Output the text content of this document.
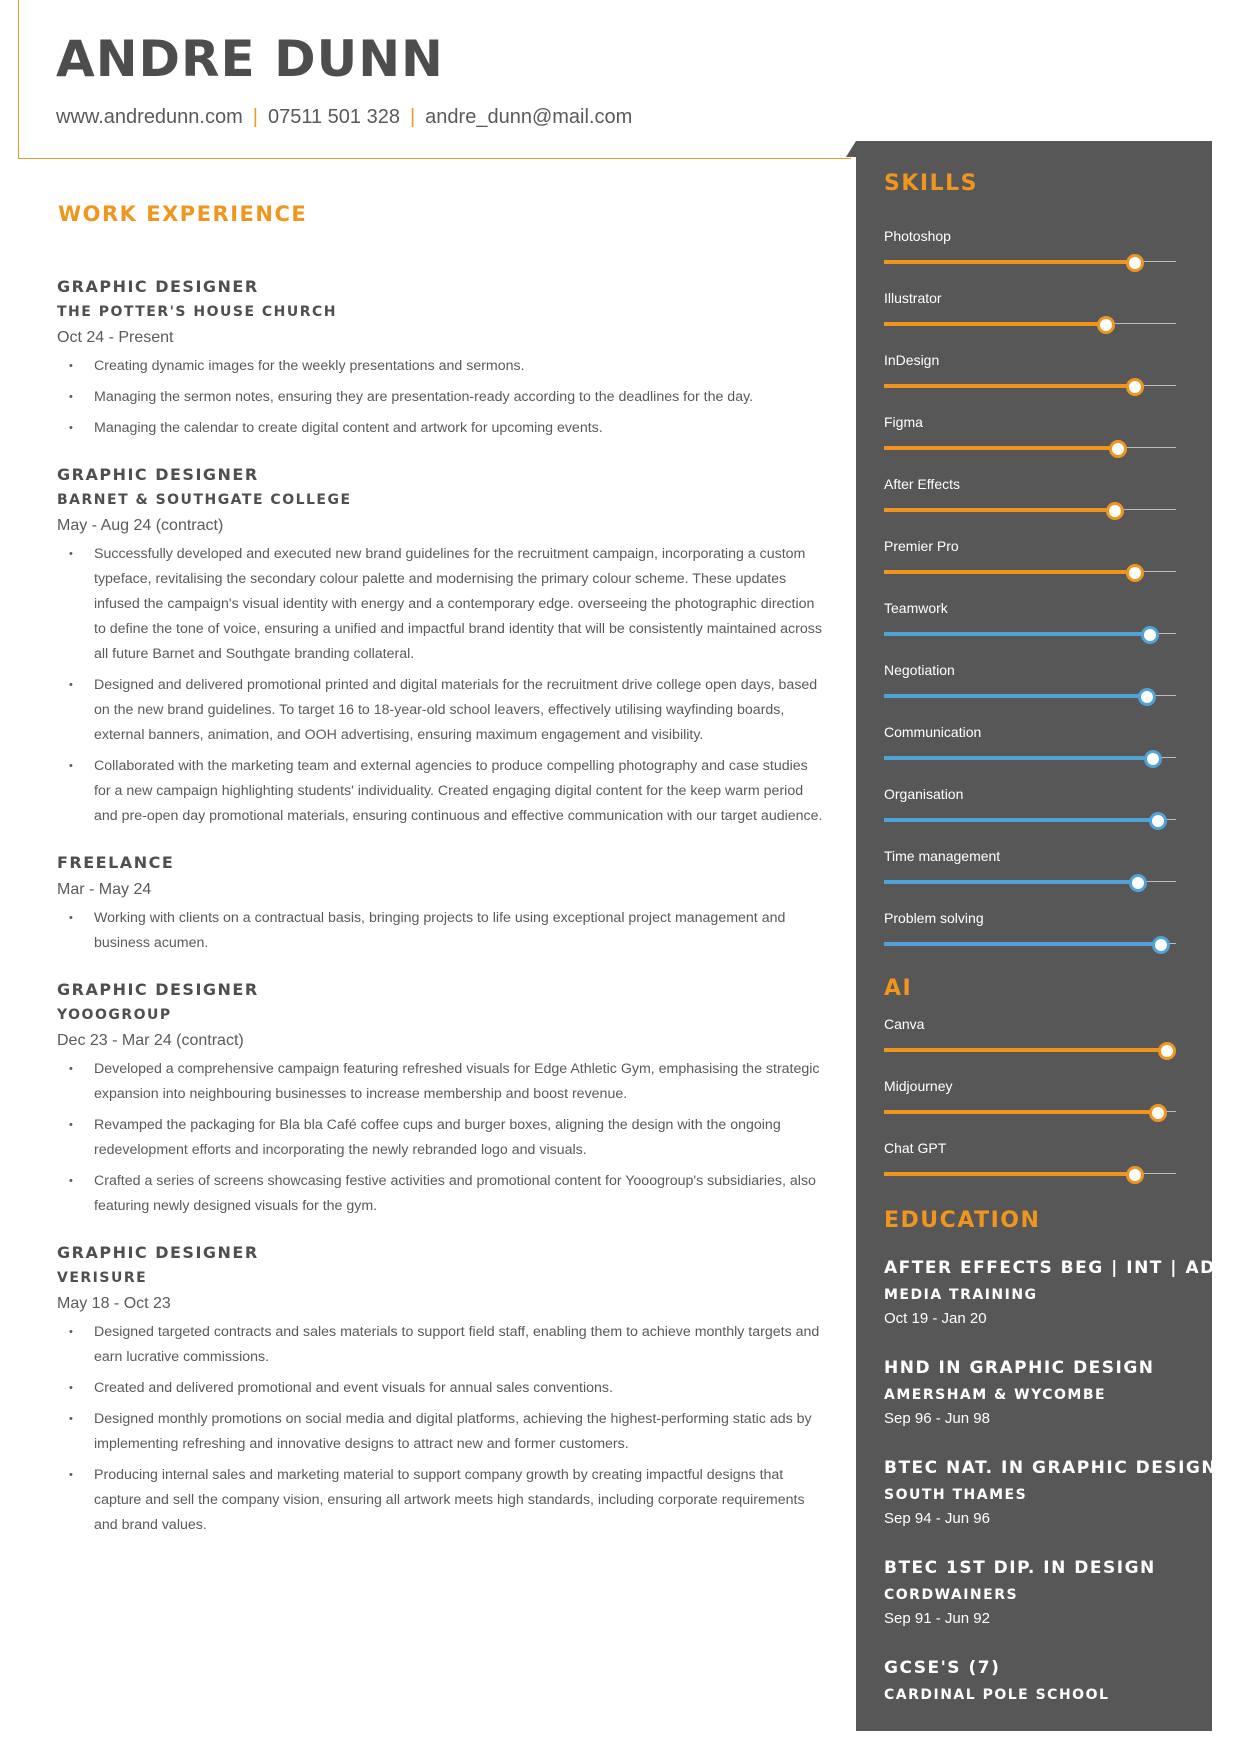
ANDRE DUNN
www.andredunn.com | 07511 501 328 | andre_dunn@mail.com
WORK EXPERIENCE
GRAPHIC DESIGNER
THE POTTER'S HOUSE CHURCH
Oct 24 - Present
• Creating dynamic images for the weekly presentations and sermons.
• Managing the sermon notes, ensuring they are presentation-ready according to the deadlines for the day.
• Managing the calendar to create digital content and artwork for upcoming events.
GRAPHIC DESIGNER
BARNET & SOUTHGATE COLLEGE
May - Aug 24 (contract)
• Successfully developed and executed new brand guidelines for the recruitment campaign, incorporating a custom typeface, revitalising the secondary colour palette and modernising the primary colour scheme. These updates infused the campaign's visual identity with energy and a contemporary edge. overseeing the photographic direction to define the tone of voice, ensuring a unified and impactful brand identity that will be consistently maintained across all future Barnet and Southgate branding collateral.
• Designed and delivered promotional printed and digital materials for the recruitment drive college open days, based on the new brand guidelines. To target 16 to 18-year-old school leavers, effectively utilising wayfinding boards, external banners, animation, and OOH advertising, ensuring maximum engagement and visibility.
• Collaborated with the marketing team and external agencies to produce compelling photography and case studies for a new campaign highlighting students' individuality. Created engaging digital content for the keep warm period and pre-open day promotional materials, ensuring continuous and effective communication with our target audience.
FREELANCE
Mar - May 24
• Working with clients on a contractual basis, bringing projects to life using exceptional project management and business acumen.
GRAPHIC DESIGNER
YOOOGROUP
Dec 23 - Mar 24 (contract)
• Developed a comprehensive campaign featuring refreshed visuals for Edge Athletic Gym, emphasising the strategic expansion into neighbouring businesses to increase membership and boost revenue.
• Revamped the packaging for Bla bla Café coffee cups and burger boxes, aligning the design with the ongoing redevelopment efforts and incorporating the newly rebranded logo and visuals.
• Crafted a series of screens showcasing festive activities and promotional content for Yooogroup's subsidiaries, also featuring newly designed visuals for the gym.
GRAPHIC DESIGNER
VERISURE
May 18 - Oct 23
• Designed targeted contracts and sales materials to support field staff, enabling them to achieve monthly targets and earn lucrative commissions.
• Created and delivered promotional and event visuals for annual sales conventions.
• Designed monthly promotions on social media and digital platforms, achieving the highest-performing static ads by implementing refreshing and innovative designs to attract new and former customers.
• Producing internal sales and marketing material to support company growth by creating impactful designs that capture and sell the company vision, ensuring all artwork meets high standards, including corporate requirements and brand values.
SKILLS
Photoshop
Illustrator
InDesign
Figma
After Effects
Premier Pro
Teamwork
Negotiation
Communication
Organisation
Time management
Problem solving
AI
Canva
Midjourney
Chat GPT
EDUCATION
AFTER EFFECTS BEG | INT | ADV
MEDIA TRAINING
Oct 19 - Jan 20
HND IN GRAPHIC DESIGN
AMERSHAM & WYCOMBE
Sep 96 - Jun 98
BTEC NAT. IN GRAPHIC DESIGN
SOUTH THAMES
Sep 94 - Jun 96
BTEC 1ST DIP. IN DESIGN
CORDWAINERS
Sep 91 - Jun 92
GCSE'S (7)
CARDINAL POLE SCHOOL
